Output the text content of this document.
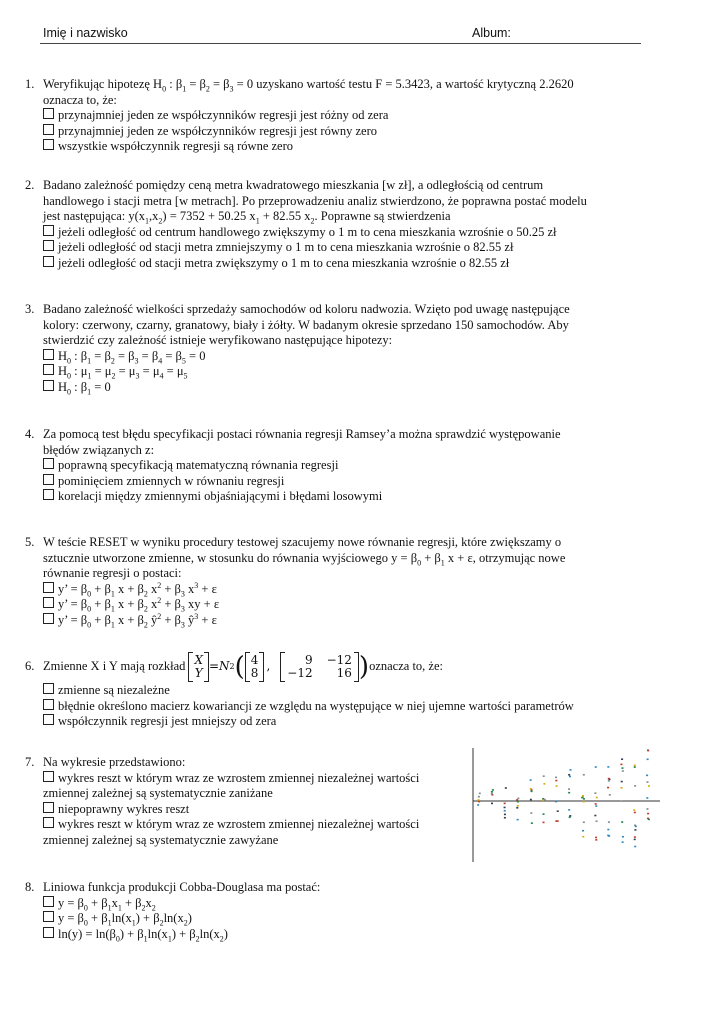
Imię i nazwisko	Album:
1. Weryfikując hipotezę $H_0$ : $\beta_1 = \beta_2 = \beta_3 = 0$ uzyskano wartość testu F = 5.3423, a wartość krytyczną 2.2620
oznacza to, że:
przynajmniej jeden ze współczynników regresji jest różny od zera
przynajmniej jeden ze współczynników regresji jest równy zero
wszystkie współczynnik regresji są równe zero
2. Badano zależność pomiędzy ceną metra kwadratowego mieszkania [w zł], a odległością od centrum
handlowego i stacji metra [w metrach]. Po przeprowadzeniu analiz stwierdzono, że poprawna postać modelu
jest następująca: $y(x_1,x_2) = 7352 + 50.25$ $x_1 + 82.55$ $x_2$. Poprawne są stwierdzenia
jeżeli odległość od centrum handlowego zwiększymy o 1 m to cena mieszkania wzrośnie o 50.25 zł
jeżeli odległość od stacji metra zmniejszymy o 1 m to cena mieszkania wzrośnie o 82.55 zł
jeżeli odległość od stacji metra zwiększymy o 1 m to cena mieszkania wzrośnie o 82.55 zł
3. Badano zależność wielkości sprzedaży samochodów od koloru nadwozia. Wzięto pod uwagę następujące
kolory: czerwony, czarny, granatowy, biały i żółty. W badanym okresie sprzedano 150 samochodów. Aby
stwierdzić czy zależność istnieje weryfikowano następujące hipotezy:
$H_0$ : $\beta_1 = \beta_2 = \beta_3 = \beta_4 = \beta_5 = 0$
$H_0$ : $\mu_1 = \mu_2 = \mu_3 = \mu_4 = \mu_5$
$H_0$ : $\beta_1 = 0$
4. Za pomocą test błędu specyfikacji postaci równania regresji Ramsey’a można sprawdzić występowanie
błędów związanych z:
poprawną specyfikacją matematyczną równania regresji
pominięciem zmiennych w równaniu regresji
korelacji między zmiennymi objaśniającymi i błędami losowymi
5. W teście RESET w wyniku procedury testowej szacujemy nowe równanie regresji, które zwiększamy o
sztucznie utworzone zmienne, w stosunku do równania wyjściowego $y = \beta_0 + \beta_1$ x + ε, otrzymując nowe
równanie regresji o postaci:
y’ = $\beta_0 + \beta_1$ $x + \beta_2$ $x^2 + \beta_3$ $x^3 + \varepsilon$
y’ = $\beta_0 + \beta_1$ $x + \beta_2$ $x^2 + \beta_3$ xy + ε
y’ = $\beta_0 + \beta_1$ $x + \beta_2$ $ŷ^2 + \beta_3$ $ŷ^3 + \varepsilon$
6. Zmienne X i Y mają rozkład X
Y = N 2 ( 4
8 ,	9 −12
−12	16 ) oznacza to, że:
zmienne są niezależne
błędnie określono macierz kowariancji ze względu na występujące w niej ujemne wartości parametrów
współczynnik regresji jest mniejszy od zera
7. Na wykresie przedstawiono:
wykres reszt w którym wraz ze wzrostem zmiennej niezależnej wartości
zmiennej zależnej są systematycznie zaniżane
niepoprawny wykres reszt
wykres reszt w którym wraz ze wzrostem zmiennej niezależnej wartości
zmiennej zależnej są systematycznie zawyżane
8. Liniowa funkcja produkcji Cobba-Douglasa ma postać:
$y = \beta_0 + \beta_1x_1 + \beta_2x_2$
$y = \beta_0 + \beta_1\ln(x_1) + \beta_2\ln(x_2)$
$\ln(y) = \ln(\beta_0) + \beta_1\ln(x_1) + \beta_2\ln(x_2)$
